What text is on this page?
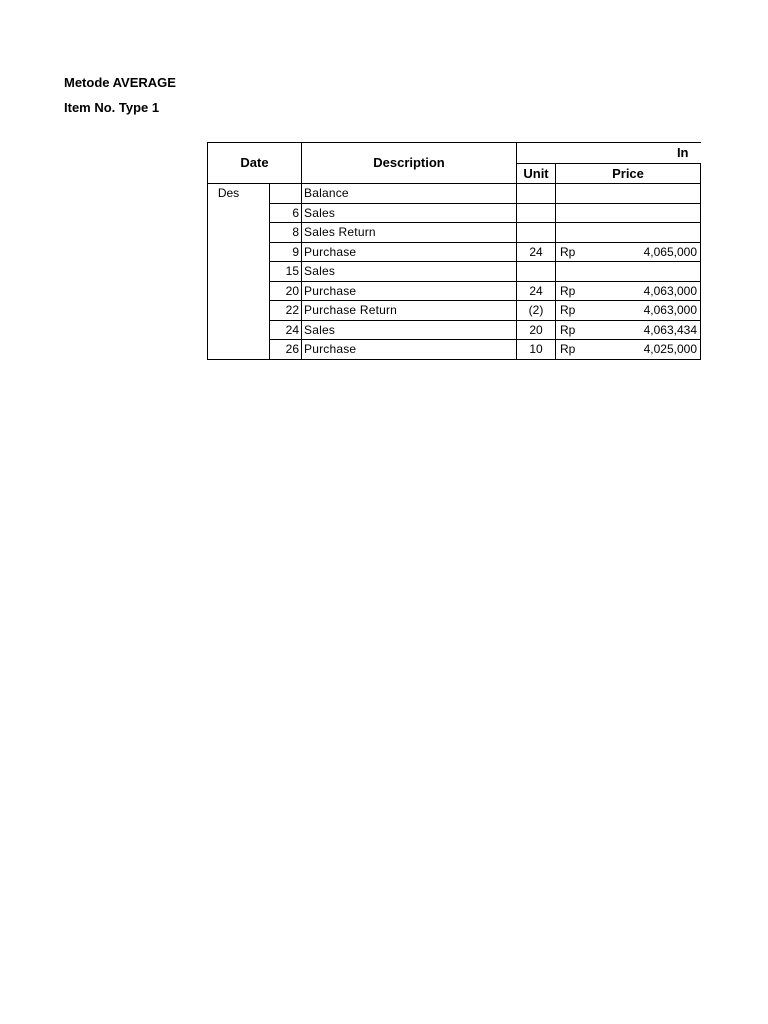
Metode AVERAGE
Item No. Type 1
Date		Description	In	
			Unit	Price
Des		Balance		

	6	Sales		

	8	Sales Return		

	9	Purchase	24	Rp 4,065,000

	15	Sales		

	20	Purchase	24	Rp 4,063,000

	22	Purchase Return	(2)	Rp 4,063,000

	24	Sales	20	Rp 4,063,434

	26	Purchase	10	Rp 4,025,000
